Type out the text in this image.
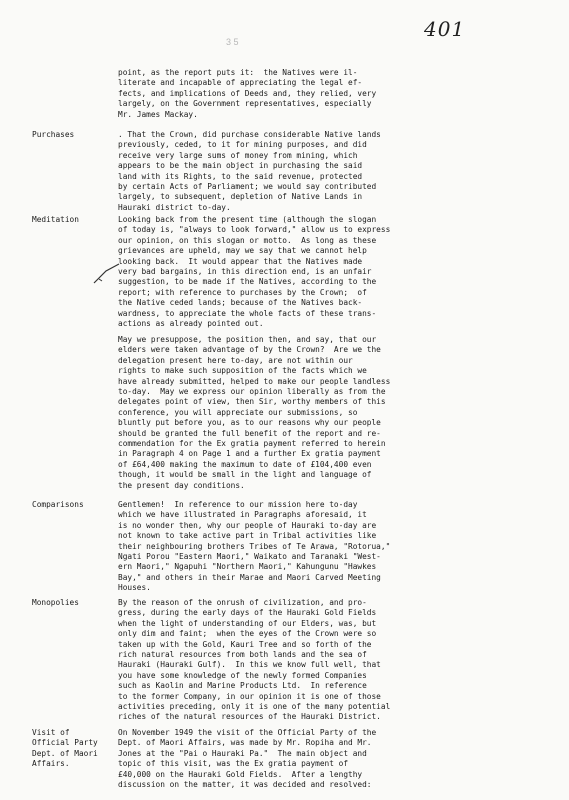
401
3 5
point, as the report puts it:  the Natives were il-
literate and incapable of appreciating the legal ef-
fects, and implications of Deeds and, they relied, very
largely, on the Government representatives, especially
Mr. James Mackay.
Purchases	. That the Crown, did purchase considerable Native lands
previously, ceded, to it for mining purposes, and did
receive very large sums of money from mining, which
appears to be the main object in purchasing the said
land with its Rights, to the said revenue, protected
by certain Acts of Parliament; we would say contributed
largely, to subsequent, depletion of Native Lands in
Hauraki district to-day.
Meditation	Looking back from the present time (although the slogan
of today is, "always to look forward," allow us to express
our opinion, on this slogan or motto.  As long as these
grievances are upheld, may we say that we cannot help
looking back.  It would appear that the Natives made
very bad bargains, in this direction end, is an unfair
suggestion, to be made if the Natives, according to the
report; with reference to purchases by the Crown;  of
the Native ceded lands; because of the Natives back-
wardness, to appreciate the whole facts of these trans-
actions as already pointed out.
May we presuppose, the position then, and say, that our
elders were taken advantage of by the Crown?  Are we the
delegation present here to-day, are not within our
rights to make such supposition of the facts which we
have already submitted, helped to make our people landless
to-day.  May we express our opinion liberally as from the
delegates point of view, then Sir, worthy members of this
conference, you will appreciate our submissions, so
bluntly put before you, as to our reasons why our people
should be granted the full benefit of the report and re-
commendation for the Ex gratia payment referred to herein
in Paragraph 4 on Page 1 and a further Ex gratia payment
of £64,400 making the maximum to date of £104,400 even
though, it would be small in the light and language of
the present day conditions.
Comparisons	Gentlemen!  In reference to our mission here to-day
which we have illustrated in Paragraphs aforesaid, it
is no wonder then, why our people of Hauraki to-day are
not known to take active part in Tribal activities like
their neighbouring brothers Tribes of Te Arawa, "Rotorua,"
Ngati Porou "Eastern Maori," Waikato and Taranaki "West-
ern Maori," Ngapuhi "Northern Maori," Kahungunu "Hawkes
Bay," and others in their Marae and Maori Carved Meeting
Houses.
Monopolies	By the reason of the onrush of civilization, and pro-
gress, during the early days of the Hauraki Gold Fields
when the light of understanding of our Elders, was, but
only dim and faint;  when the eyes of the Crown were so
taken up with the Gold, Kauri Tree and so forth of the
rich natural resources from both lands and the sea of
Hauraki (Hauraki Gulf).  In this we know full well, that
you have some knowledge of the newly formed Companies
such as Kaolin and Marine Products Ltd.  In reference
to the former Company, in our opinion it is one of those
activities preceding, only it is one of the many potential
riches of the natural resources of the Hauraki District.
Visit of
Official Party
Dept. of Maori
Affairs.
On November 1949 the visit of the Official Party of the
Dept. of Maori Affairs, was made by Mr. Ropiha and Mr.
Jones at the "Pai o Hauraki Pa."  The main object and
topic of this visit, was the Ex gratia payment of
£40,000 on the Hauraki Gold Fields.  After a lengthy
discussion on the matter, it was decided and resolved:
